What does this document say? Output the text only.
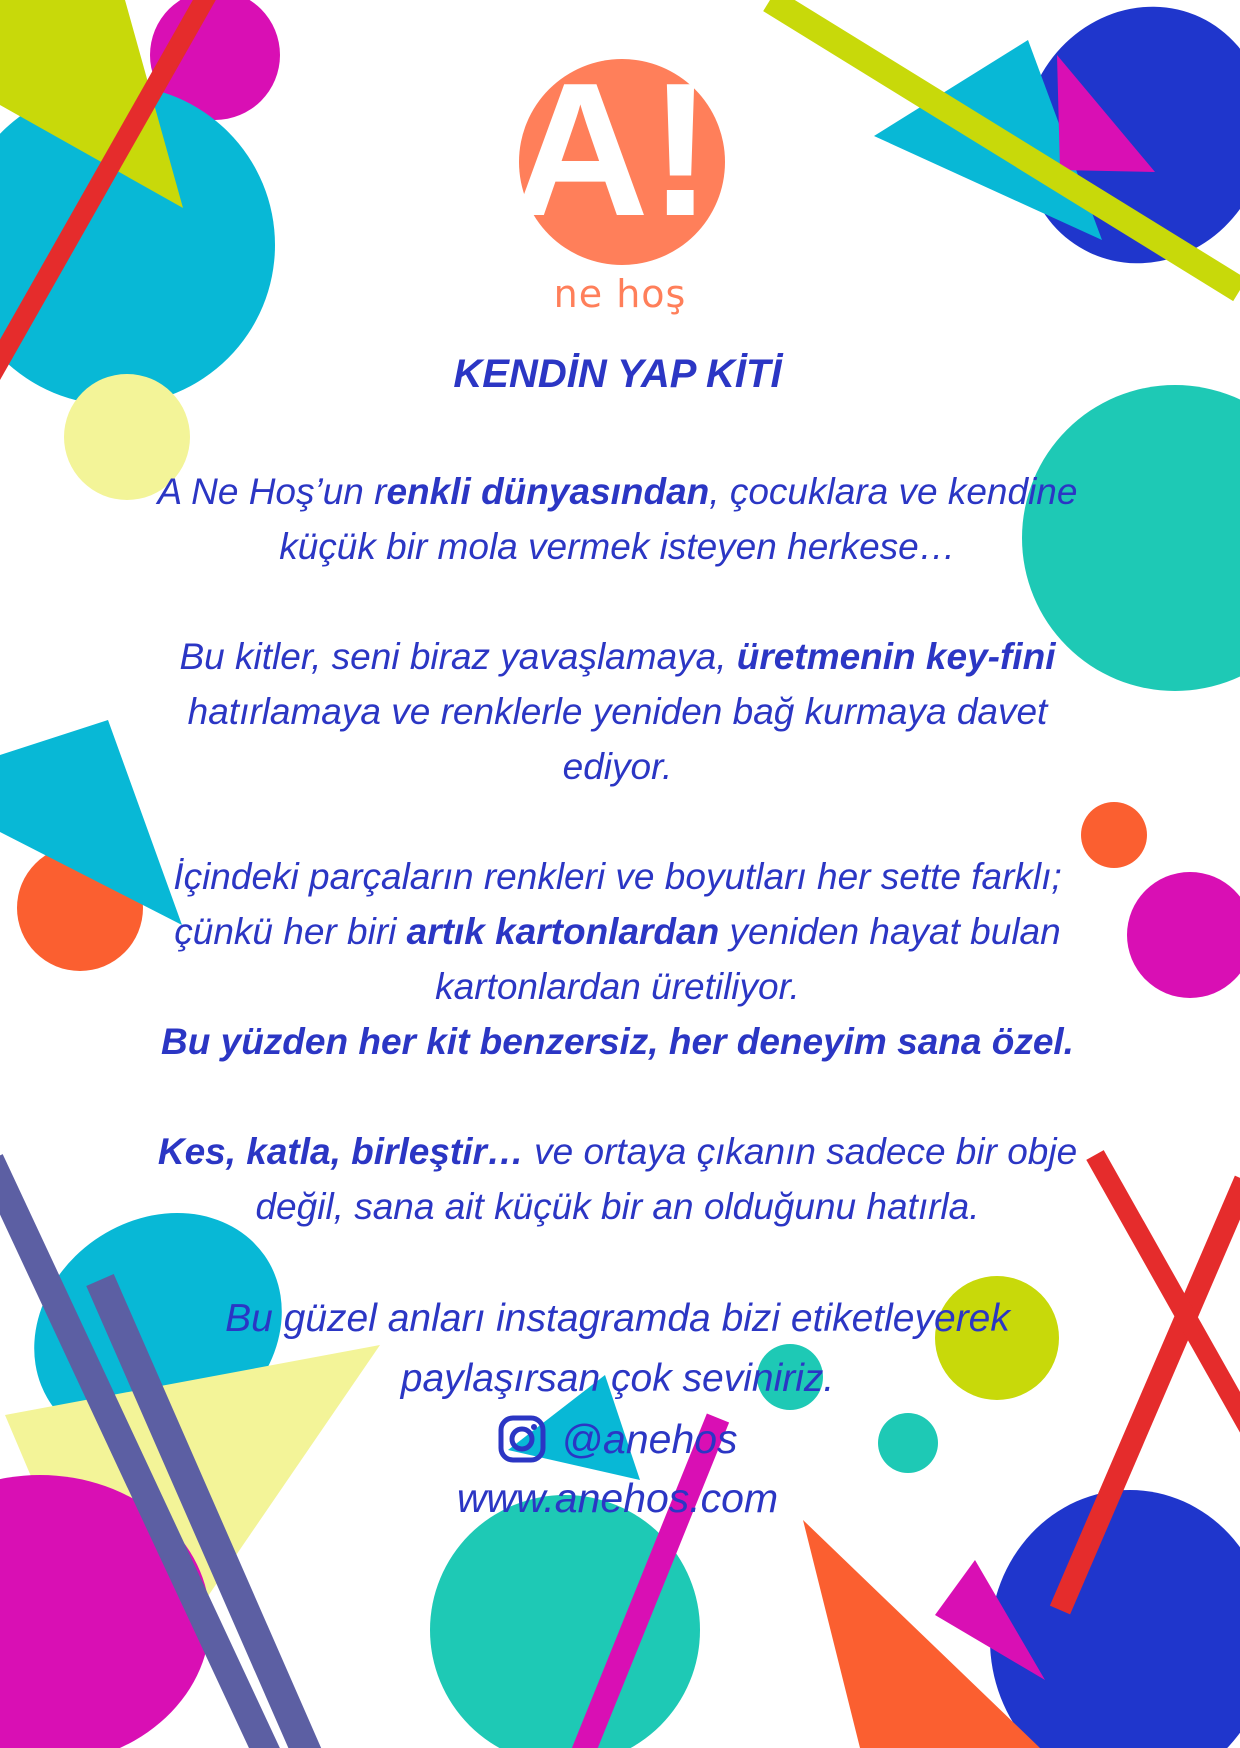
A!
ne hoş
KENDİN YAP KİTİ
A Ne Hoş’un renkli dünyasından, çocuklara ve kendine küçük bir mola vermek isteyen herkese…
Bu kitler, seni biraz yavaşlamaya, üretmenin key-fini hatırlamaya ve renklerle yeniden bağ kurmaya davet ediyor.
İçindeki parçaların renkleri ve boyutları her sette farklı;
çünkü her biri artık kartonlardan yeniden hayat bulan kartonlardan üretiliyor.
Bu yüzden her kit benzersiz, her deneyim sana özel.
Kes, katla, birleştir… ve ortaya çıkanın sadece bir obje değil, sana ait küçük bir an olduğunu hatırla.
Bu güzel anları instagramda bizi etiketleyerek paylaşırsan çok seviniriz.
@anehos
www.anehos.com
